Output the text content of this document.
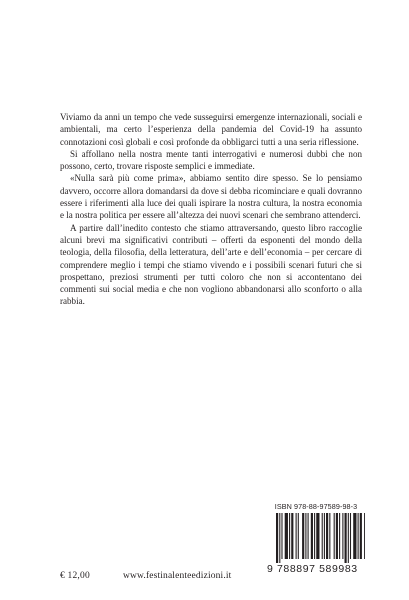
Viviamo da anni un tempo che vede susseguirsi emergenze internazionali, sociali e ambientali, ma certo l’esperienza della pandemia del Covid-19 ha assunto connotazioni così globali e così profonde da obbligarci tutti a una seria riflessione.

Si affollano nella nostra mente tanti interrogativi e numerosi dubbi che non possono, certo, trovare risposte semplici e immediate.

«Nulla sarà più come prima», abbiamo sentito dire spesso. Se lo pensiamo davvero, occorre allora domandarsi da dove si debba ricominciare e quali dovranno essere i riferimenti alla luce dei quali ispirare la nostra cultura, la nostra economia e la nostra politica per essere all’altezza dei nuovi scenari che sembrano attenderci.

A partire dall’inedito contesto che stiamo attraversando, questo libro raccoglie alcuni brevi ma significativi contributi – offerti da esponenti del mondo della teologia, della filosofia, della letteratura, dell’arte e dell’economia – per cercare di comprendere meglio i tempi che stiamo vivendo e i possibili scenari futuri che si prospettano, preziosi strumenti per tutti coloro che non si accontentano dei commenti sui social media e che non vogliono abbandonarsi allo sconforto o alla rabbia.

€ 12,00	www.festinalenteedizioni.it
ISBN 978-88-97589-98-3
9 788897 589983
